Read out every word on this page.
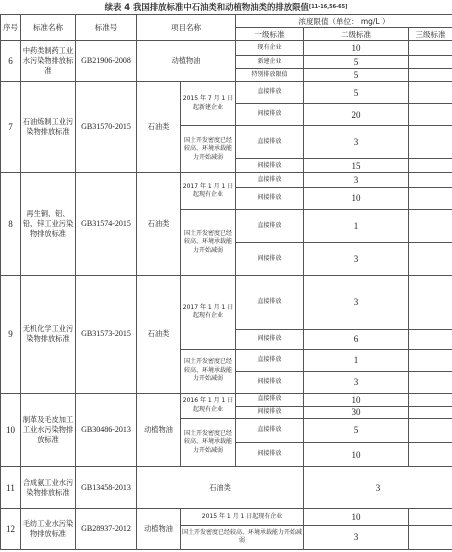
续表 4 我国排放标准中石油类和动植物油类的排放限值[11-16,56-65]
序号	标准名称	标准号	项目名称		浓度限值（单位： mg/L ）		
					一级标准	二级标准	三级标准
6	中药类制药工业水污染物排放标准	GB21906-2008	动植物油		现有企业	10	
					新建企业	5	
					特别排放限值	5	
7	石油炼制工业污染物排放标准	GB31570-2015	石油类	2015 年 7 月 1 日起新建企业	直接排放	5	
					间接排放	20	
				国土开发密度已经较高、环境承载能力开始减弱	直接排放	3	
					间接排放	15	
8	再生铜、铝、铅、锌工业污染物排放标准	GB31574-2015	石油类	2017 年 1 月 1 日起现有企业	直接排放	3	
					间接排放	10	
				国土开发密度已经较高、环境承载能力开始减弱	直接排放	1	
					间接排放	3	
9	无机化学工业污染物排放标准	GB31573-2015	石油类	2017 年 1 月 1 日起现有企业	直接排放	3	
					间接排放	6	
				国土开发密度已经较高、环境承载能力开始减弱	直接排放	1	
					间接排放	3	
10	制革及毛皮加工工业水污染物排放标准	GB30486-2013	动植物油	2016 年 1 月 1 日起现有企业	直接排放	10	
					间接排放	30	
				国土开发密度已经较高、环境承载能力开始减弱	直接排放	5	
					间接排放	10	
11	合成氨工业水污染物排放标准	GB13458-2013	石油类			3	
12	毛纺工业水污染物排放标准	GB28937-2012	动植物油	2015 年 1 月 1 日起现有企业		10	
				国土开发密度已经较高、环境承载能力开始减弱		3	
